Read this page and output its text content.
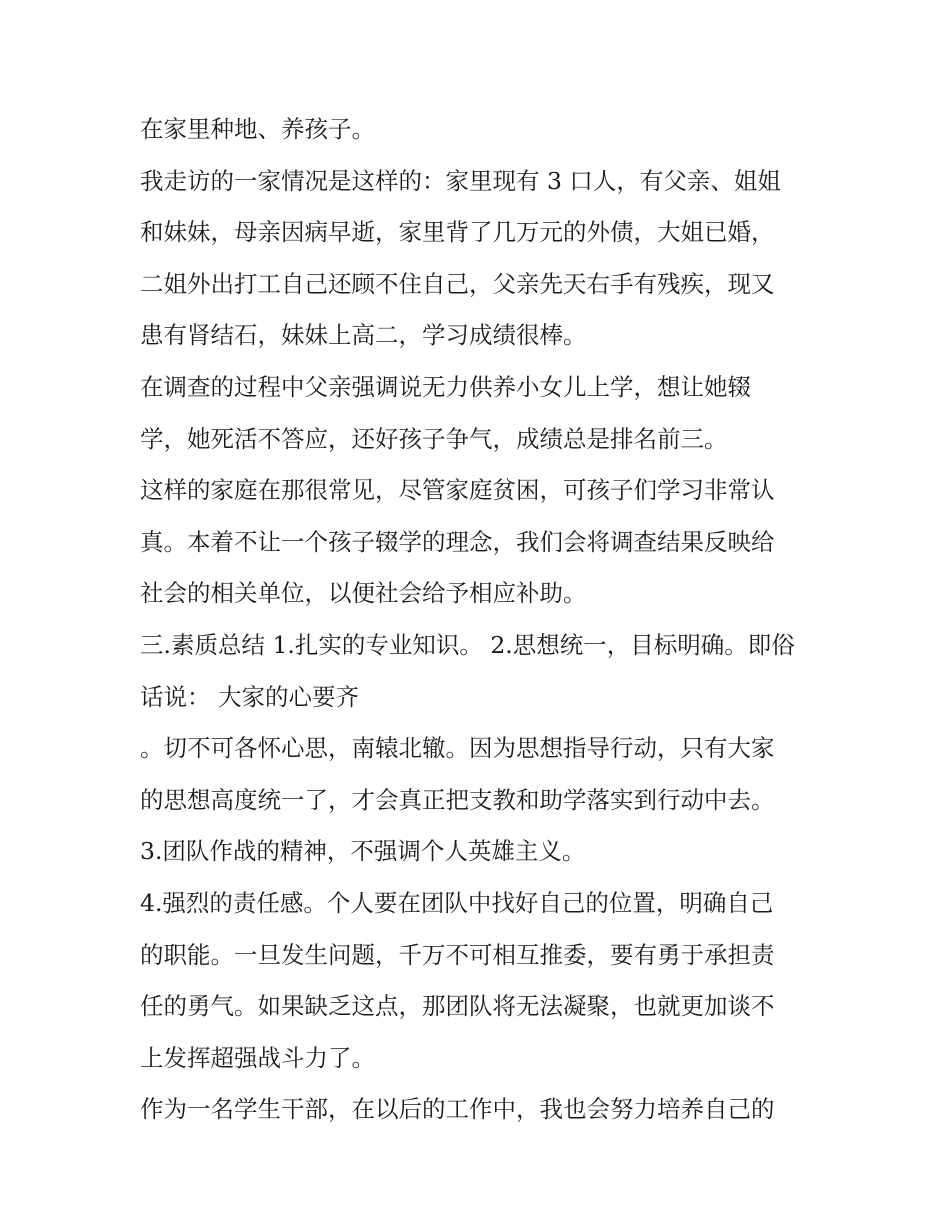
在家里种地、养孩子。
我走访的一家情况是这样的：家里现有 3 口人，有父亲、姐姐
和妹妹，母亲因病早逝，家里背了几万元的外债，大姐已婚，
二姐外出打工自己还顾不住自己，父亲先天右手有残疾，现又
患有肾结石，妹妹上高二，学习成绩很棒。
在调查的过程中父亲强调说无力供养小女儿上学，想让她辍
学，她死活不答应，还好孩子争气，成绩总是排名前三。
这样的家庭在那很常见，尽管家庭贫困，可孩子们学习非常认
真。本着不让一个孩子辍学的理念，我们会将调查结果反映给
社会的相关单位，以便社会给予相应补助。
三.素质总结 1.扎实的专业知识。 2.思想统一，目标明确。即俗
话说： 大家的心要齐
。切不可各怀心思，南辕北辙。因为思想指导行动，只有大家
的思想高度统一了，才会真正把支教和助学落实到行动中去。
3.团队作战的精神，不强调个人英雄主义。
4.强烈的责任感。个人要在团队中找好自己的位置，明确自己
的职能。一旦发生问题，千万不可相互推委，要有勇于承担责
任的勇气。如果缺乏这点，那团队将无法凝聚，也就更加谈不
上发挥超强战斗力了。
作为一名学生干部，在以后的工作中，我也会努力培养自己的
